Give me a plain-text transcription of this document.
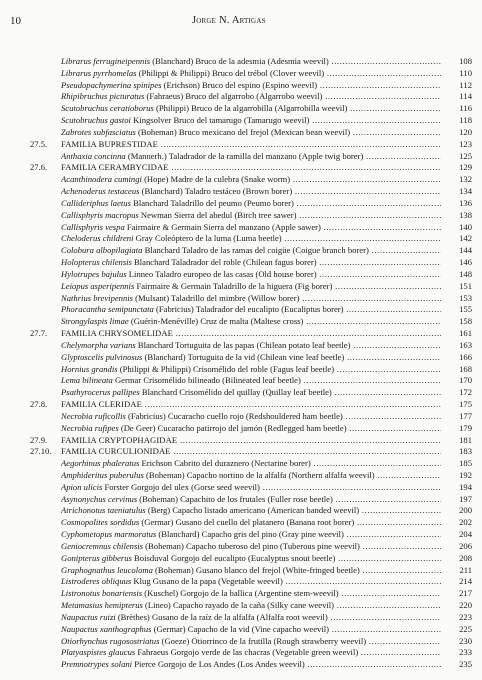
10	Jorge N. Artigas
Librarus ferrugineipennis (Blanchard) Bruco de la adesmia (Adesmia weevil) .....	108
Librarus pyrrhomelas (Philippi & Philippi) Bruco del trébol (Clover weevil) .....	110
Pseudopachymerina spinipes (Erichson) Bruco del espino (Espino weevil) .....	112
Rhipibruchus picturatus (Fahraeus) Bruco del algarrobo (Algarrobo weevil) .....	114
Scutobruchus ceratioborus (Philippi) Bruco de la algarrobilla (Algarrobilla weevil) .....	116
Scutobruchus gastoi Kingsolver Bruco del tamarugo (Tamarugo weevil) .....	118
Zabrotes subfasciatus (Boheman) Bruco mexicano del frejol (Mexican bean weevil) .....	120
27.5. FAMILIA BUPRESTIDAE .....	123
Anthaxia concinna (Mannerh.) Taladrador de la ramilla del manzano (Apple twig borer) .....	125
27.6. FAMILIA CERAMBYCIDAE .....	129
Acanthinodera cumingi (Hope) Madre de la culebra (Snake worm) .....	132
Achenoderus testaceus (Blanchard) Taladro testáceo (Brown borer) .....	134
Callideriphus laetus Blanchard Taladrillo del peumo (Peumo borer) .....	136
Callisphyris macropus Newman Sierra del abedul (Birch tree sawer) .....	138
Callisphyris vespa Fairmaire & Germain Sierra del manzano (Apple sawer) .....	140
Cheloderus childreni Gray Coleóptero de la luma (Luma beetle) .....	142
Colobura albopilagiata Blanchard Taladro de las ramas del coigüe (Coigue branch borer) .....	144
Holopterus chilensis Blanchard Taladrador del roble (Chilean fagus borer) .....	146
Hylotrupes bajulus Linneo Taladro europeo de las casas (Old house borer) .....	148
Leiopus asperipennis Fairmaire & Germain Taladrillo de la higuera (Fig borer) .....	151
Nathrius brevipennis (Mulsant) Taladrillo del mimbre (Willow borer) .....	153
Phoracantha semipunctata (Fabricius) Taladrador del eucalipto (Eucaliptus borer) .....	155
Strongylaspis limae (Guérin-Menéville) Cruz de malta (Maltese cross) .....	158
27.7. FAMILIA CHRYSOMELIDAE .....	161
Chelymorpha varians Blanchard Tortuguita de las papas (Chilean potato leaf beetle) .....	163
Glyptoscelis pulvinosus (Blanchard) Tortuguita de la vid (Chilean vine leaf beetle) .....	166
Hornius grandis (Philippi & Philippi) Crisomélido del roble (Fagus leaf beetle) .....	168
Lema bilineata Germar Crisomélido bilineado (Bilineated leaf beetle) .....	170
Psathyrocerus pallipes Blanchard Crisomélido del quillay (Quillay leaf beetle) .....	172
27.8. FAMILIA CLERIDAE .....	175
Necrobia ruficollis (Fabricius) Cucaracho cuello rojo (Redshouldered ham beetle) .....	177
Necrobia rufipes (De Geer) Cucaracho patirrojo del jamón (Redlegged ham beetle) .....	179
27.9. FAMILIA CRYPTOPHAGIDAE .....	181
27.10. FAMILIA CURCULIONIDAE .....	183
Aegorhinus phaleratus Erichson Cabrito del duraznero (Nectarine borer) .....	185
Amphideritus puberulus (Boheman) Capacho nortino de la alfalfa (Northern alfalfa weevil) .....	192
Apion ulicis Forster Gorgojo del ulex (Gorse seed weevil) .....	194
Asynonychus cervinus (Boheman) Capachito de los frutales (Fuller rose beetle) .....	197
Atrichonotus taeniatulus (Berg) Capacho listado americano (American banded weevil) .....	200
Cosmopolites sordidus (Germar) Gusano del cuello del platanero (Banana root borer) .....	202
Cyphometopus marmoratus (Blanchard) Capacho gris del pino (Gray pine weevil) .....	204
Geniocremnus chilensis (Boheman) Capacho tuberoso del pino (Tuberous pine weevil) .....	206
Gonipterus gibberus Boisduval Gorgojo del eucalipto (Eucalyptus snout beetle) .....	208
Graphognathus leucoloma (Boheman) Gusano blanco del frejol (White-fringed beetle) .....	211
Listroderes obliquus Klug Gusano de la papa (Vegetable weevil) .....	214
Listronotus bonariensis (Kuschel) Gorgojo de la ballica (Argentine stem-weevil) .....	217
Metamasius hemipterus (Lineo) Capacho rayado de la caña (Silky cane weevil) .....	220
Naupactus ruizi (Brèthes) Gusano de la raíz de la alfalfa (Alfalfa root weevil) .....	223
Naupactus xanthographus (Germar) Capacho de la vid (Vine capacho weevil) .....	225
Otiorhynchus rugosostriatus (Goeze) Otiorrinco de la frutilla (Rough strawberry weevil) .....	230
Platyaspistes glaucus Fahraeus Gorgojo verde de las chacras (Vegetable green weevil) .....	233
Premnotrypes solani Pierce Gorgojo de Los Andes (Los Andes weevil) .....	235
